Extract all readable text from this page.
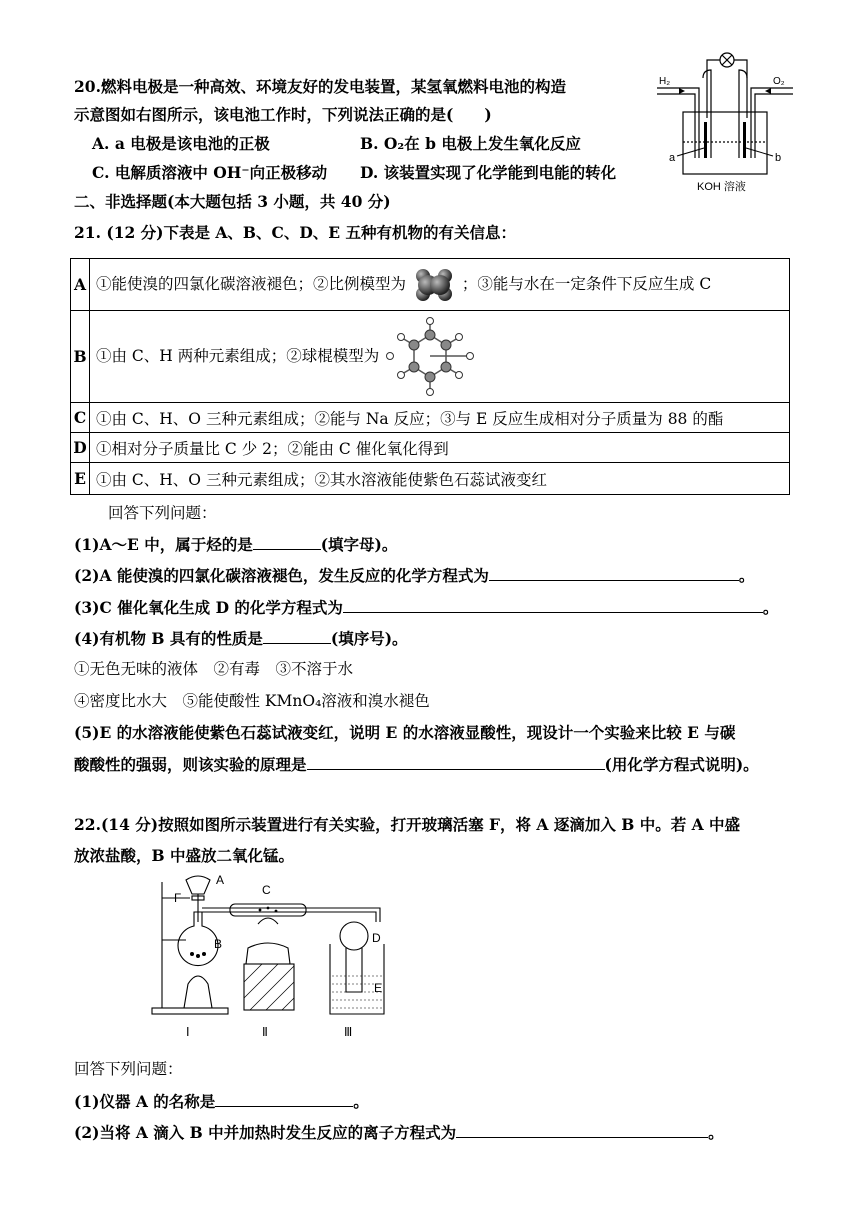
20.燃料电极是一种高效、环境友好的发电装置，某氢氧燃料电池的构造
示意图如右图所示，该电池工作时，下列说法正确的是(　　)
A. a 电极是该电池的正极	B. O₂在 b 电极上发生氧化反应
C. 电解质溶液中 OH⁻向正极移动 D. 该装置实现了化学能到电能的转化
H₂	O₂
a	b
KOH 溶液
二、非选择题(本大题包括 3 小题，共 40 分)
21. (12 分)下表是 A、B、C、D、E 五种有机物的有关信息：
A	①能使溴的四氯化碳溶液褪色；②比例模型为 ；③能与水在一定条件下反应生成 C
B	①由 C、H 两种元素组成；②球棍模型为
C	①由 C、H、O 三种元素组成；②能与 Na 反应；③与 E 反应生成相对分子质量为 88 的酯
D	①相对分子质量比 C 少 2；②能由 C 催化氧化得到
E	①由 C、H、O 三种元素组成；②其水溶液能使紫色石蕊试液变红
回答下列问题：
(1)A～E 中，属于烃的是	(填字母)。
(2)A 能使溴的四氯化碳溶液褪色，发生反应的化学方程式为	。
(3)C 催化氧化生成 D 的化学方程式为	。
(4)有机物 B 具有的性质是	(填序号)。
①无色无味的液体　②有毒　③不溶于水
④密度比水大　⑤能使酸性 KMnO₄溶液和溴水褪色
(5)E 的水溶液能使紫色石蕊试液变红，说明 E 的水溶液显酸性，现设计一个实验来比较 E 与碳
酸酸性的强弱，则该实验的原理是	(用化学方程式说明)。
22.(14 分)按照如图所示装置进行有关实验，打开玻璃活塞 F，将 A 逐滴加入 B 中。若 A 中盛
放浓盐酸，B 中盛放二氧化锰。
A
F
B
C
D
E
Ⅰ	Ⅱ	Ⅲ
回答下列问题：
(1)仪器 A 的名称是	。
(2)当将 A 滴入 B 中并加热时发生反应的离子方程式为	。
